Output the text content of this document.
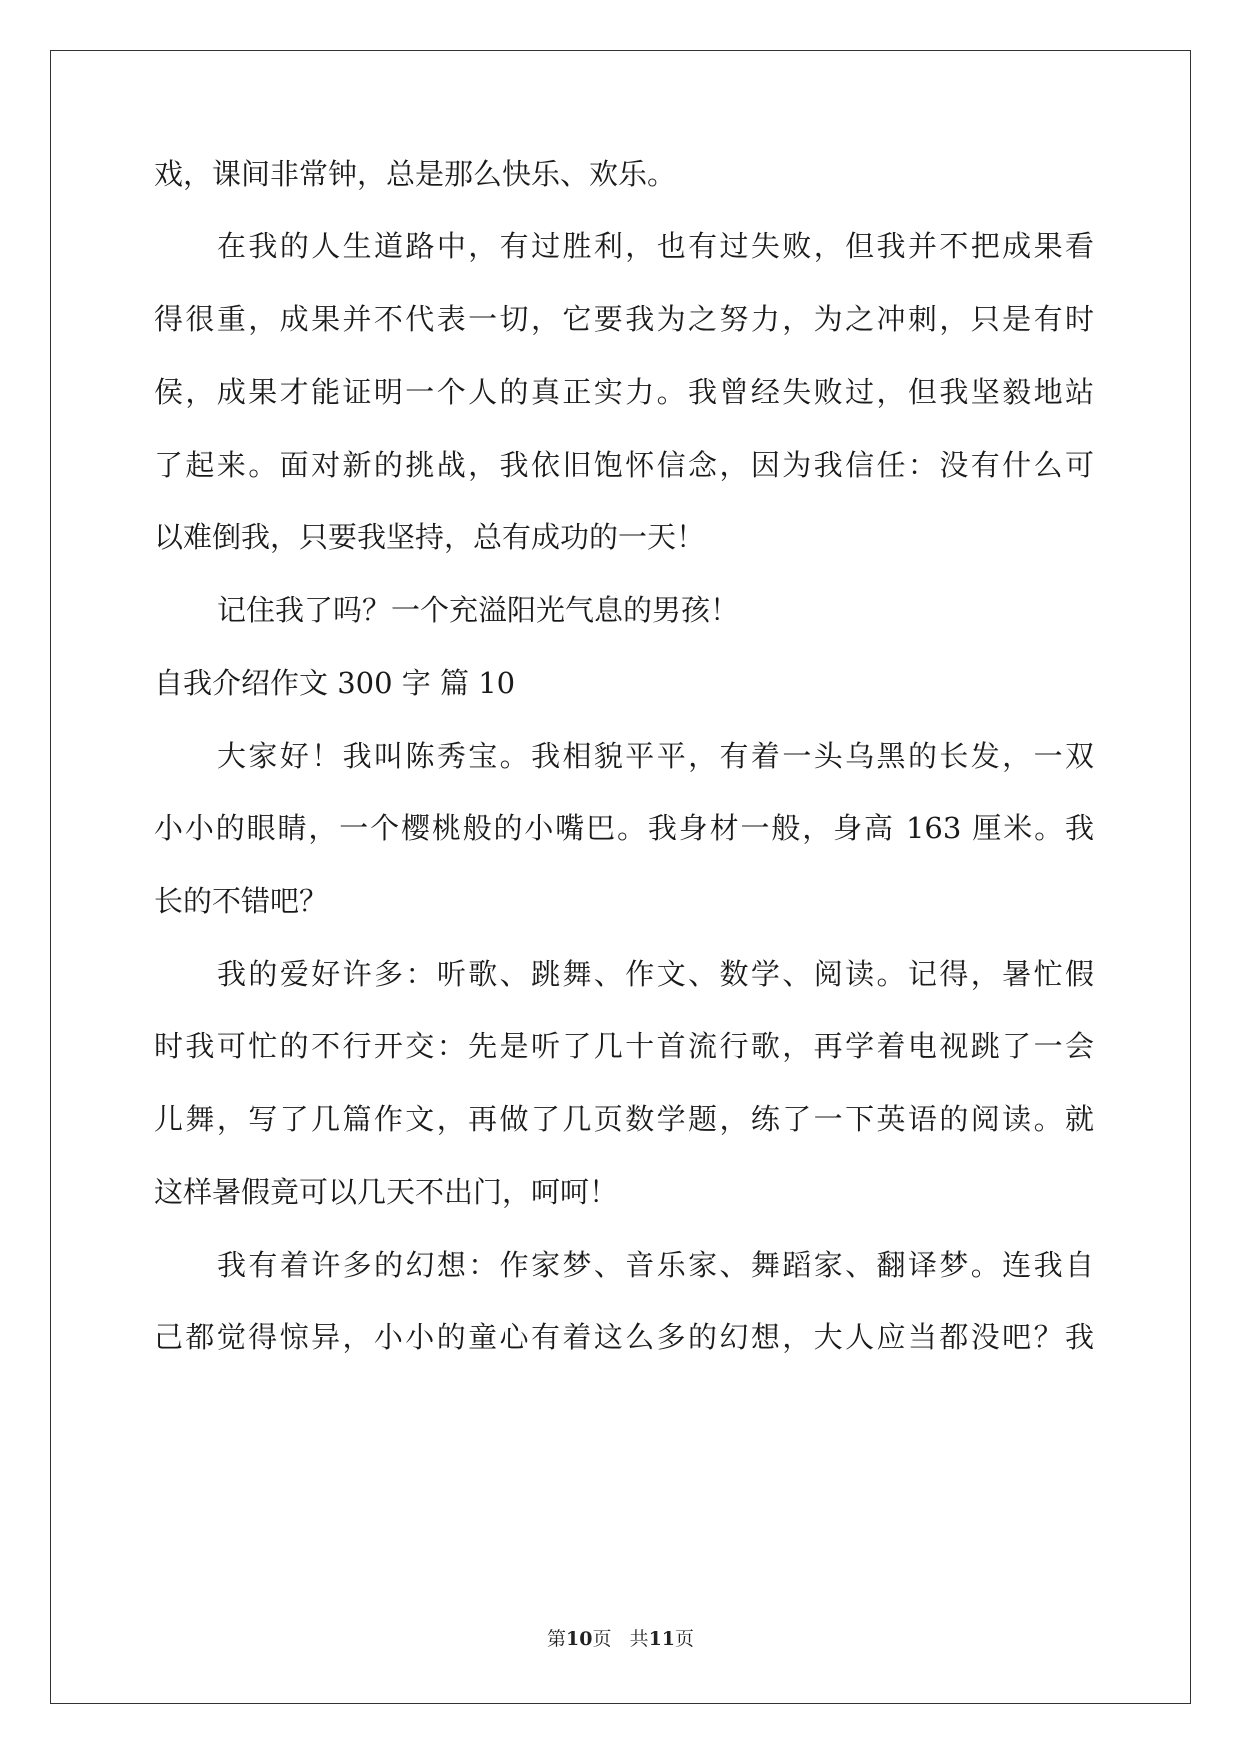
戏，课间非常钟，总是那么快乐、欢乐。
在我的人生道路中，有过胜利，也有过失败，但我并不把成果看
得很重，成果并不代表一切，它要我为之努力，为之冲刺，只是有时
侯，成果才能证明一个人的真正实力。我曾经失败过，但我坚毅地站
了起来。面对新的挑战，我依旧饱怀信念，因为我信任：没有什么可
以难倒我，只要我坚持，总有成功的一天！
记住我了吗？一个充溢阳光气息的男孩！
自我介绍作文 300 字 篇 10
大家好！我叫陈秀宝。我相貌平平，有着一头乌黑的长发，一双
小小的眼睛，一个樱桃般的小嘴巴。我身材一般，身高 163 厘米。我
长的不错吧？
我的爱好许多：听歌、跳舞、作文、数学、阅读。记得，暑忙假
时我可忙的不行开交：先是听了几十首流行歌，再学着电视跳了一会
儿舞，写了几篇作文，再做了几页数学题，练了一下英语的阅读。就
这样暑假竟可以几天不出门，呵呵！
我有着许多的幻想：作家梦、音乐家、舞蹈家、翻译梦。连我自
己都觉得惊异，小小的童心有着这么多的幻想，大人应当都没吧？我
第10页   共11页
